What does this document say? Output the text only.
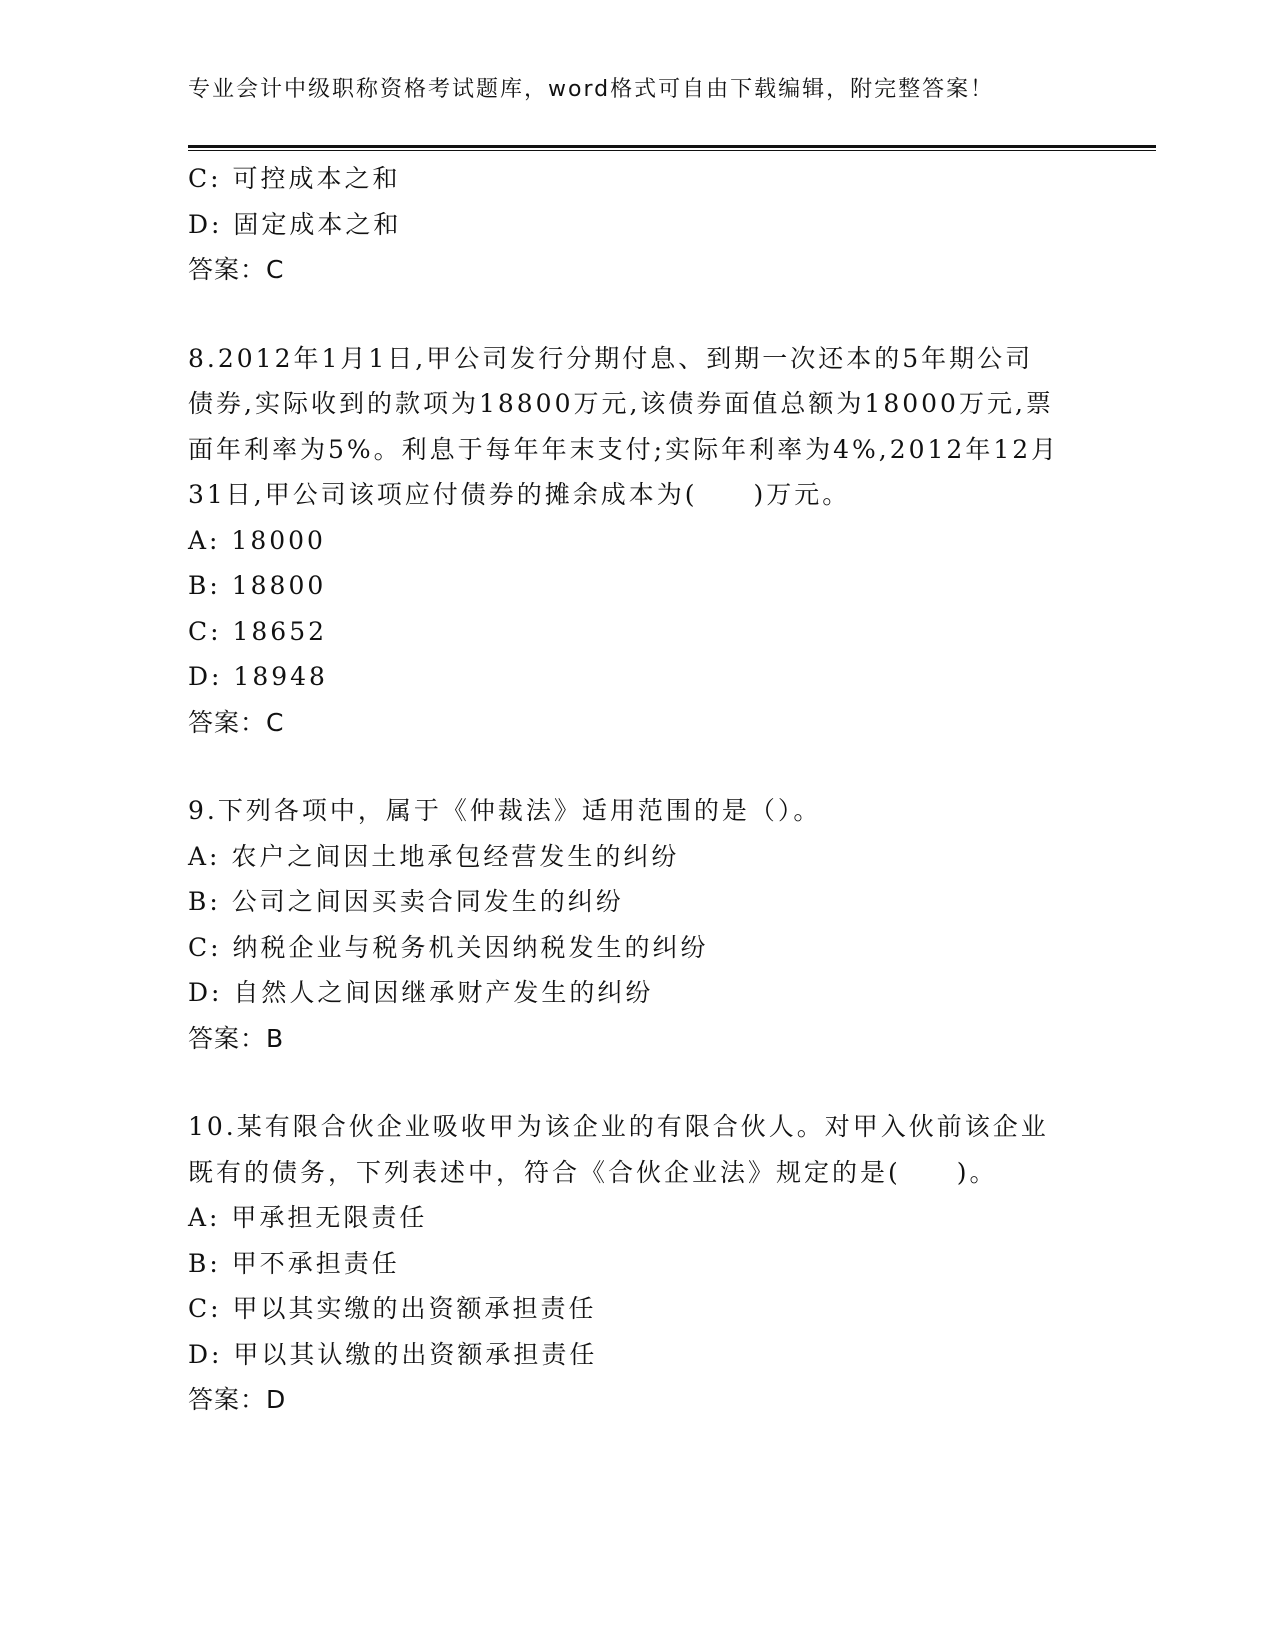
专业会计中级职称资格考试题库，word格式可自由下载编辑，附完整答案！
C: 可控成本之和
D: 固定成本之和
答案：C
8.2012年1月1日,甲公司发行分期付息、到期一次还本的5年期公司
债券,实际收到的款项为18800万元,该债券面值总额为18000万元,票
面年利率为5%。利息于每年年末支付;实际年利率为4%,2012年12月
31日,甲公司该项应付债券的摊余成本为(　　)万元。
A: 18000
B: 18800
C: 18652
D: 18948
答案：C
9.下列各项中，属于《仲裁法》适用范围的是（）。
A: 农户之间因土地承包经营发生的纠纷
B: 公司之间因买卖合同发生的纠纷
C: 纳税企业与税务机关因纳税发生的纠纷
D: 自然人之间因继承财产发生的纠纷
答案：B
10.某有限合伙企业吸收甲为该企业的有限合伙人。对甲入伙前该企业
既有的债务，下列表述中，符合《合伙企业法》规定的是(　　)。
A: 甲承担无限责任
B: 甲不承担责任
C: 甲以其实缴的出资额承担责任
D: 甲以其认缴的出资额承担责任
答案：D
